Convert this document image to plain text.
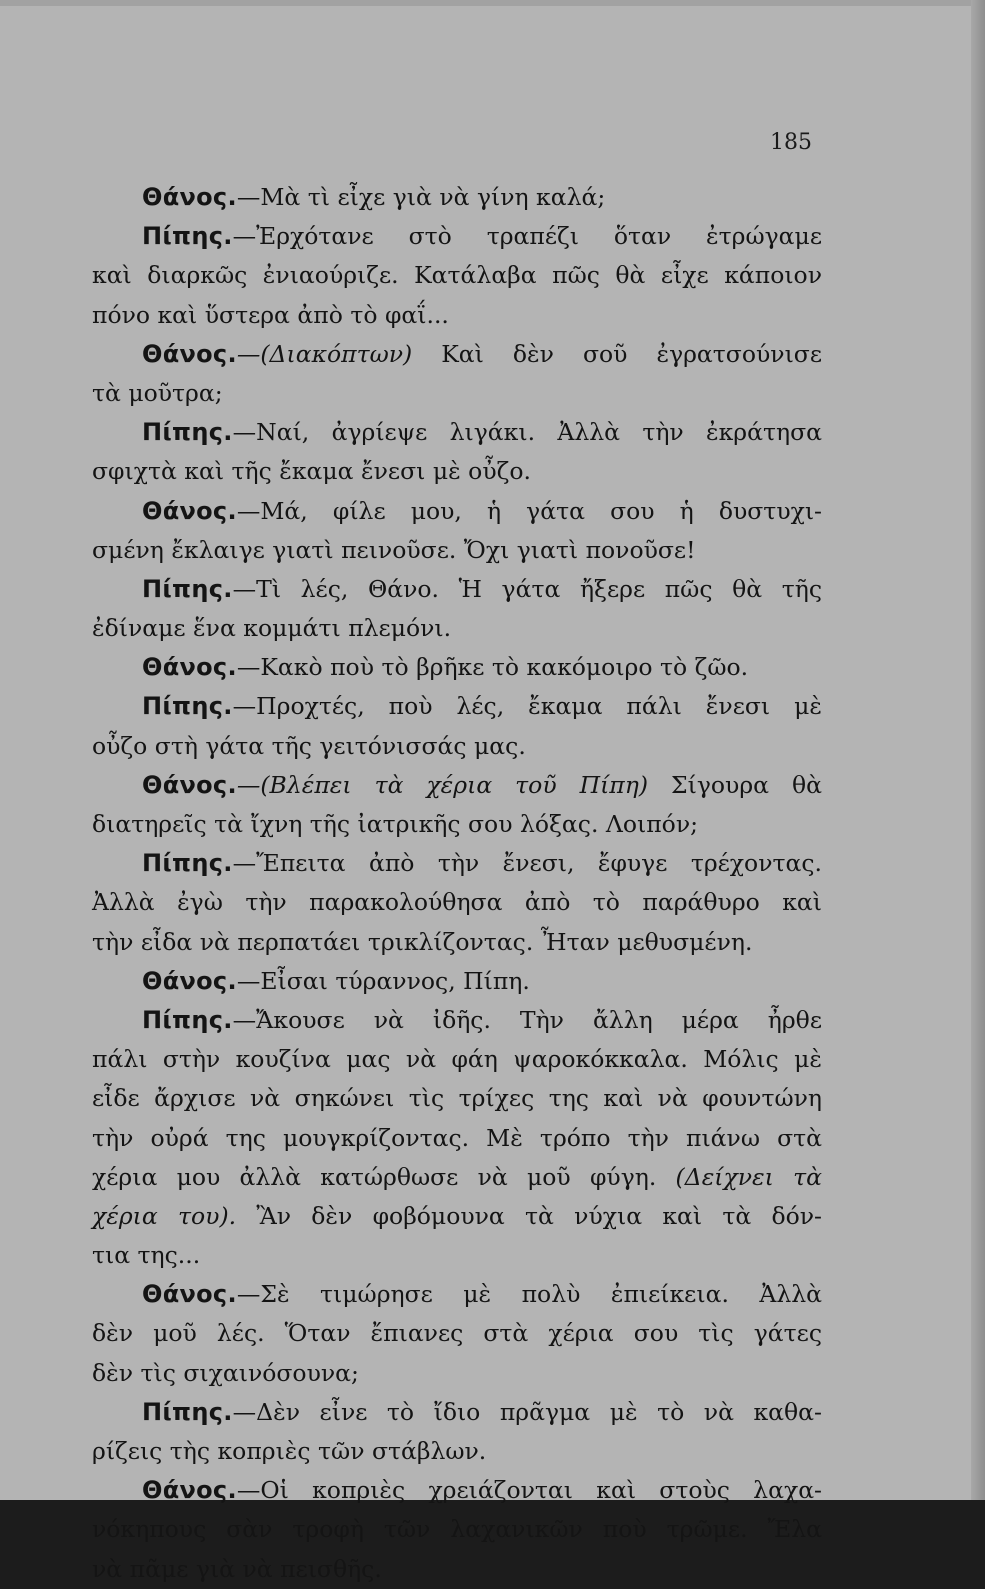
185
Θάνος.—Μὰ τὶ εἶχε γιὰ νὰ γίνη καλά;
Πίπης.—Ἐρχότανε στὸ τραπέζι ὅταν ἐτρώγαμε
καὶ διαρκῶς ἐνιαούριζε. Κατάλαβα πῶς θὰ εἶχε κάποιον
πόνο καὶ ὕστερα ἀπὸ τὸ φαΐ...
Θάνος.—(Διακόπτων) Καὶ δὲν σοῦ ἐγρατσούνισε
τὰ μοῦτρα;
Πίπης.—Ναί, ἀγρίεψε λιγάκι. Ἀλλὰ τὴν ἐκράτησα
σφιχτὰ καὶ τῆς ἔκαμα ἔνεσι μὲ οὖζο.
Θάνος.—Μά, φίλε μου, ἡ γάτα σου ἡ δυστυχι-
σμένη ἔκλαιγε γιατὶ πεινοῦσε. Ὄχι γιατὶ πονοῦσε!
Πίπης.—Τὶ λές, Θάνο. Ἡ γάτα ἤξερε πῶς θὰ τῆς
ἐδίναμε ἕνα κομμάτι πλεμόνι.
Θάνος.—Κακὸ ποὺ τὸ βρῆκε τὸ κακόμοιρο τὸ ζῶο.
Πίπης.—Προχτές, ποὺ λές, ἔκαμα πάλι ἔνεσι μὲ
οὖζο στὴ γάτα τῆς γειτόνισσάς μας.
Θάνος.—(Βλέπει τὰ χέρια τοῦ Πίπη) Σίγουρα θὰ
διατηρεῖς τὰ ἴχνη τῆς ἰατρικῆς σου λόξας. Λοιπόν;
Πίπης.—Ἔπειτα ἀπὸ τὴν ἔνεσι, ἔφυγε τρέχοντας.
Ἀλλὰ ἐγὼ τὴν παρακολούθησα ἀπὸ τὸ παράθυρο καὶ
τὴν εἶδα νὰ περπατάει τρικλίζοντας. Ἦταν μεθυσμένη.
Θάνος.—Εἶσαι τύραννος, Πίπη.
Πίπης.—Ἄκουσε νὰ ἰδῆς. Τὴν ἄλλη μέρα ἦρθε
πάλι στὴν κουζίνα μας νὰ φάη ψαροκόκκαλα. Μόλις μὲ
εἶδε ἄρχισε νὰ σηκώνει τὶς τρίχες της καὶ νὰ φουντώνη
τὴν οὐρά της μουγκρίζοντας. Μὲ τρόπο τὴν πιάνω στὰ
χέρια μου ἀλλὰ κατώρθωσε νὰ μοῦ φύγη. (Δείχνει τὰ
χέρια του). Ἂν δὲν φοβόμουνα τὰ νύχια καὶ τὰ δόν-
τια της...
Θάνος.—Σὲ τιμώρησε μὲ πολὺ ἐπιείκεια. Ἀλλὰ
δὲν μοῦ λές. Ὅταν ἔπιανες στὰ χέρια σου τὶς γάτες
δὲν τὶς σιχαινόσουνα;
Πίπης.—Δὲν εἶνε τὸ ἴδιο πρᾶγμα μὲ τὸ νὰ καθα-
ρίζεις τὴς κοπριὲς τῶν στάβλων.
Θάνος.—Οἱ κοπριὲς χρειάζονται καὶ στοὺς λαχα-
νόκηπους σὰν τροφὴ τῶν λαχανικῶν ποὺ τρῶμε. Ἔλα
νὰ πᾶμε γιὰ νὰ πεισθῆς.
